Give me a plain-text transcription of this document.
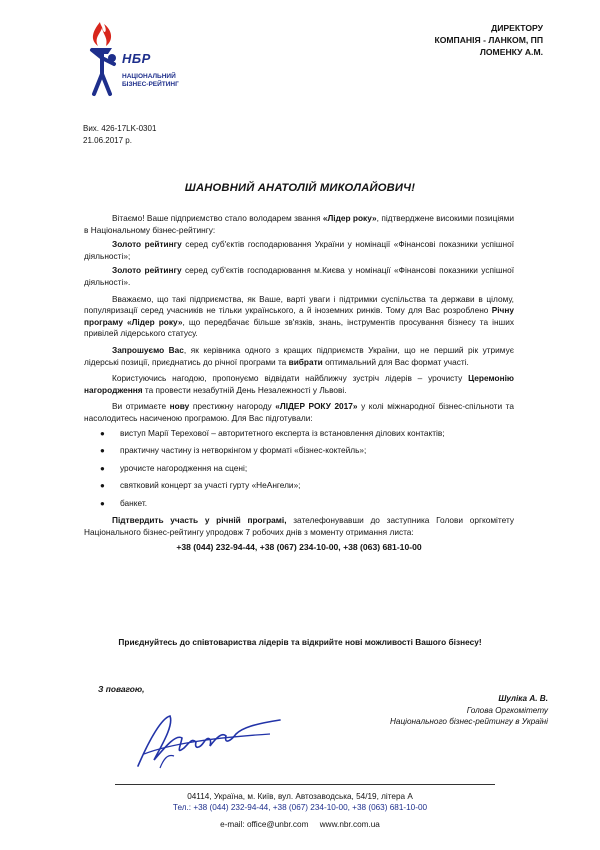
НБР
НАЦІОНАЛЬНИЙ
БІЗНЕС-РЕЙТИНГ
ДИРЕКТОРУ
КОМПАНІЯ - ЛАНКОМ, ПП
ЛОМЕНКУ А.М.
Вих. 426-17LK-0301
21.06.2017 р.
ШАНОВНИЙ АНАТОЛІЙ МИКОЛАЙОВИЧ!

Вітаємо! Ваше підприємство стало володарем звання «Лідер року», підтверджене високими позиціями в Національному бізнес-рейтингу:

Золото рейтингу серед суб'єктів господарювання України у номінації «Фінансові показники успішної діяльності»;

Золото рейтингу серед суб'єктів господарювання м.Києва у номінації «Фінансові показники успішної діяльності».

Вважаємо, що такі підприємства, як Ваше, варті уваги і підтримки суспільства та держави в цілому, популяризації серед учасників не тільки українського, а й іноземних ринків. Тому для Вас розроблено Річну програму «Лідер року», що передбачає більше зв'язків, знань, інструментів просування бізнесу та інших привілей лідерського статусу.

Запрошуємо Вас, як керівника одного з кращих підприємств України, що не перший рік утримує лідерські позиції, приєднатись до річної програми та вибрати оптимальний для Вас формат участі.

Користуючись нагодою, пропонуємо відвідати найближчу зустріч лідерів – урочисту Церемонію нагородження та провести незабутній День Незалежності у Львові.

Ви отримаєте нову престижну нагороду «ЛІДЕР РОКУ 2017» у колі міжнародної бізнес-спільноти та насолодитесь насиченою програмою. Для Вас підготували:

● виступ Марії Терехової – авторитетного експерта із встановлення ділових контактів;
● практичну частину із нетворкінгом у форматі «бізнес-коктейль»;
● урочисте нагородження на сцені;
● святковий концерт за участі гурту «НеАнгели»;
● банкет.

Підтвердить участь у річній програмі, зателефонувавши до заступника Голови оргкомітету Національного бізнес-рейтингу упродовж 7 робочих днів з моменту отримання листа:

+38 (044) 232-94-44, +38 (067) 234-10-00, +38 (063) 681-10-00

Приєднуйтесь до співтовариства лідерів та відкрийте нові можливості Вашого бізнесу!
З повагою,
Шуліка А. В.
Голова Оргкомітету
Національного бізнес-рейтингу в Україні
04114, Україна, м. Київ, вул. Автозаводська, 54/19, літера А
Тел.: +38 (044) 232-94-44, +38 (067) 234-10-00, +38 (063) 681-10-00
e-mail: office@unbr.com     www.nbr.com.ua
